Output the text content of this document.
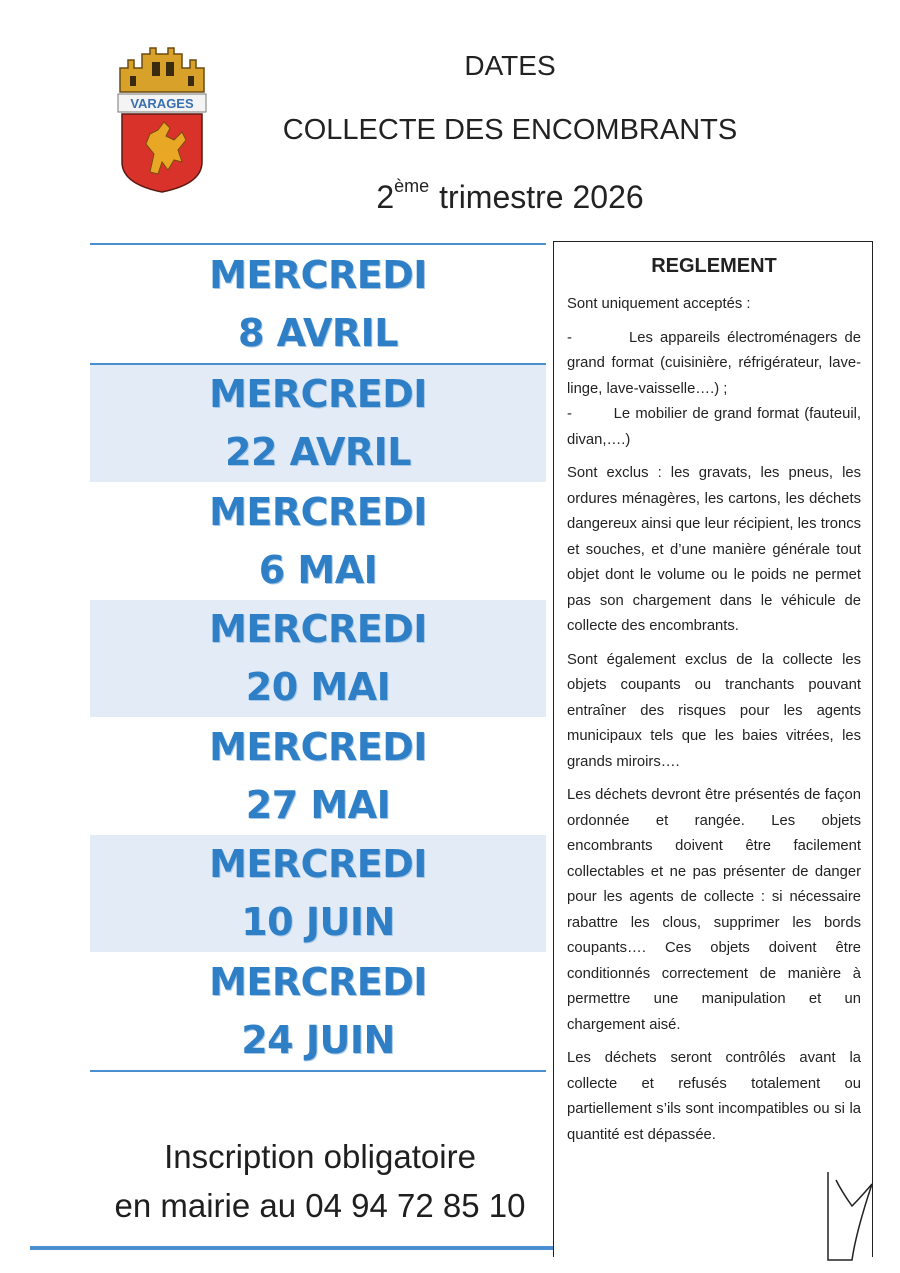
VARAGES
DATES
COLLECTE DES ENCOMBRANTS
2ème trimestre 2026
MERCREDI
8 AVRIL
MERCREDI
22 AVRIL
MERCREDI
6 MAI
MERCREDI
20 MAI
MERCREDI
27 MAI
MERCREDI
10 JUIN
MERCREDI
24 JUIN
Inscription obligatoire
en mairie au 04 94 72 85 10
REGLEMENT

Sont uniquement acceptés :

-        Les appareils électroménagers de grand format (cuisinière, réfrigérateur, lave-linge, lave-vaisselle….) ;

-        Le mobilier de grand format (fauteuil, divan,….)

Sont exclus : les gravats, les pneus, les ordures ménagères, les cartons, les déchets dangereux ainsi que leur récipient, les troncs et souches, et d’une manière générale tout objet dont le volume ou le poids ne permet pas son chargement dans le véhicule de collecte des encombrants.

Sont également exclus de la collecte les objets coupants ou tranchants pouvant entraîner des risques pour les agents municipaux tels que les baies vitrées, les grands miroirs….

Les déchets devront être présentés de façon ordonnée et rangée. Les objets encombrants doivent être facilement collectables et ne pas présenter de danger pour les agents de collecte : si nécessaire rabattre les clous, supprimer les bords coupants…. Ces objets doivent être conditionnés correctement de manière à permettre une manipulation et un chargement aisé.

Les déchets seront contrôlés avant la collecte et refusés totalement ou partiellement s’ils sont incompatibles ou si la quantité est dépassée.
